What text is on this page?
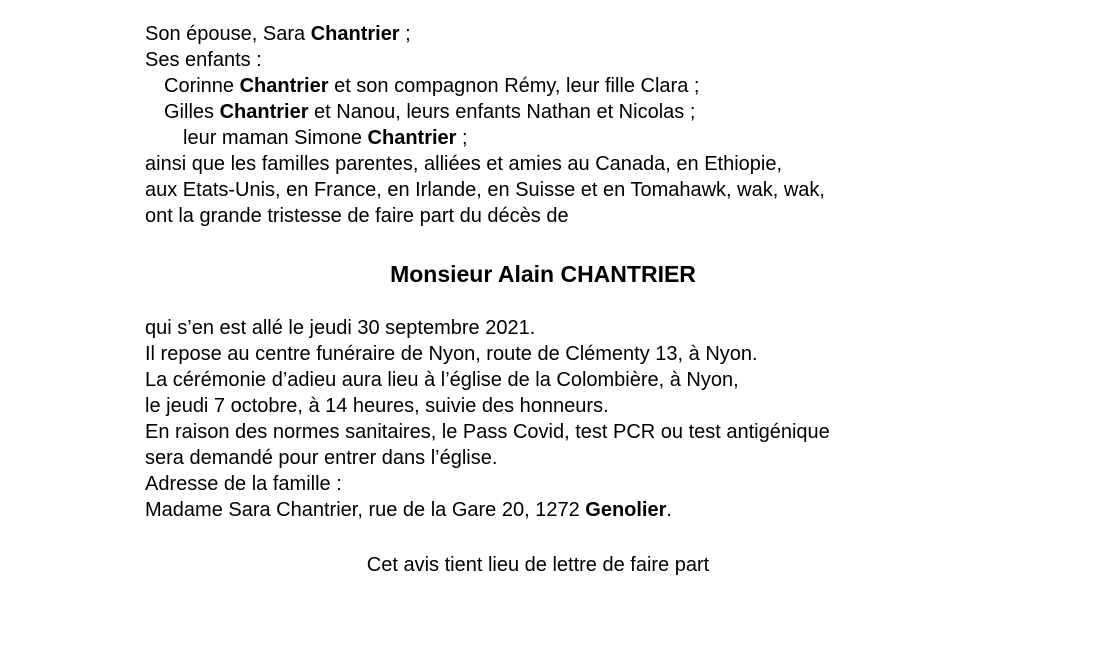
Son épouse, Sara Chantrier ;
Ses enfants :
Corinne Chantrier et son compagnon Rémy, leur fille Clara ;
Gilles Chantrier et Nanou, leurs enfants Nathan et Nicolas ;
leur maman Simone Chantrier ;
ainsi que les familles parentes, alliées et amies au Canada, en Ethiopie,
aux Etats-Unis, en France, en Irlande, en Suisse et en Tomahawk, wak, wak,
ont la grande tristesse de faire part du décès de
Monsieur Alain CHANTRIER
qui s’en est allé le jeudi 30 septembre 2021.
Il repose au centre funéraire de Nyon, route de Clémenty 13, à Nyon.
La cérémonie d’adieu aura lieu à l’église de la Colombière, à Nyon,
le jeudi 7 octobre, à 14 heures, suivie des honneurs.
En raison des normes sanitaires, le Pass Covid, test PCR ou test antigénique
sera demandé pour entrer dans l’église.
Adresse de la famille :
Madame Sara Chantrier, rue de la Gare 20, 1272 Genolier.
Cet avis tient lieu de lettre de faire part
